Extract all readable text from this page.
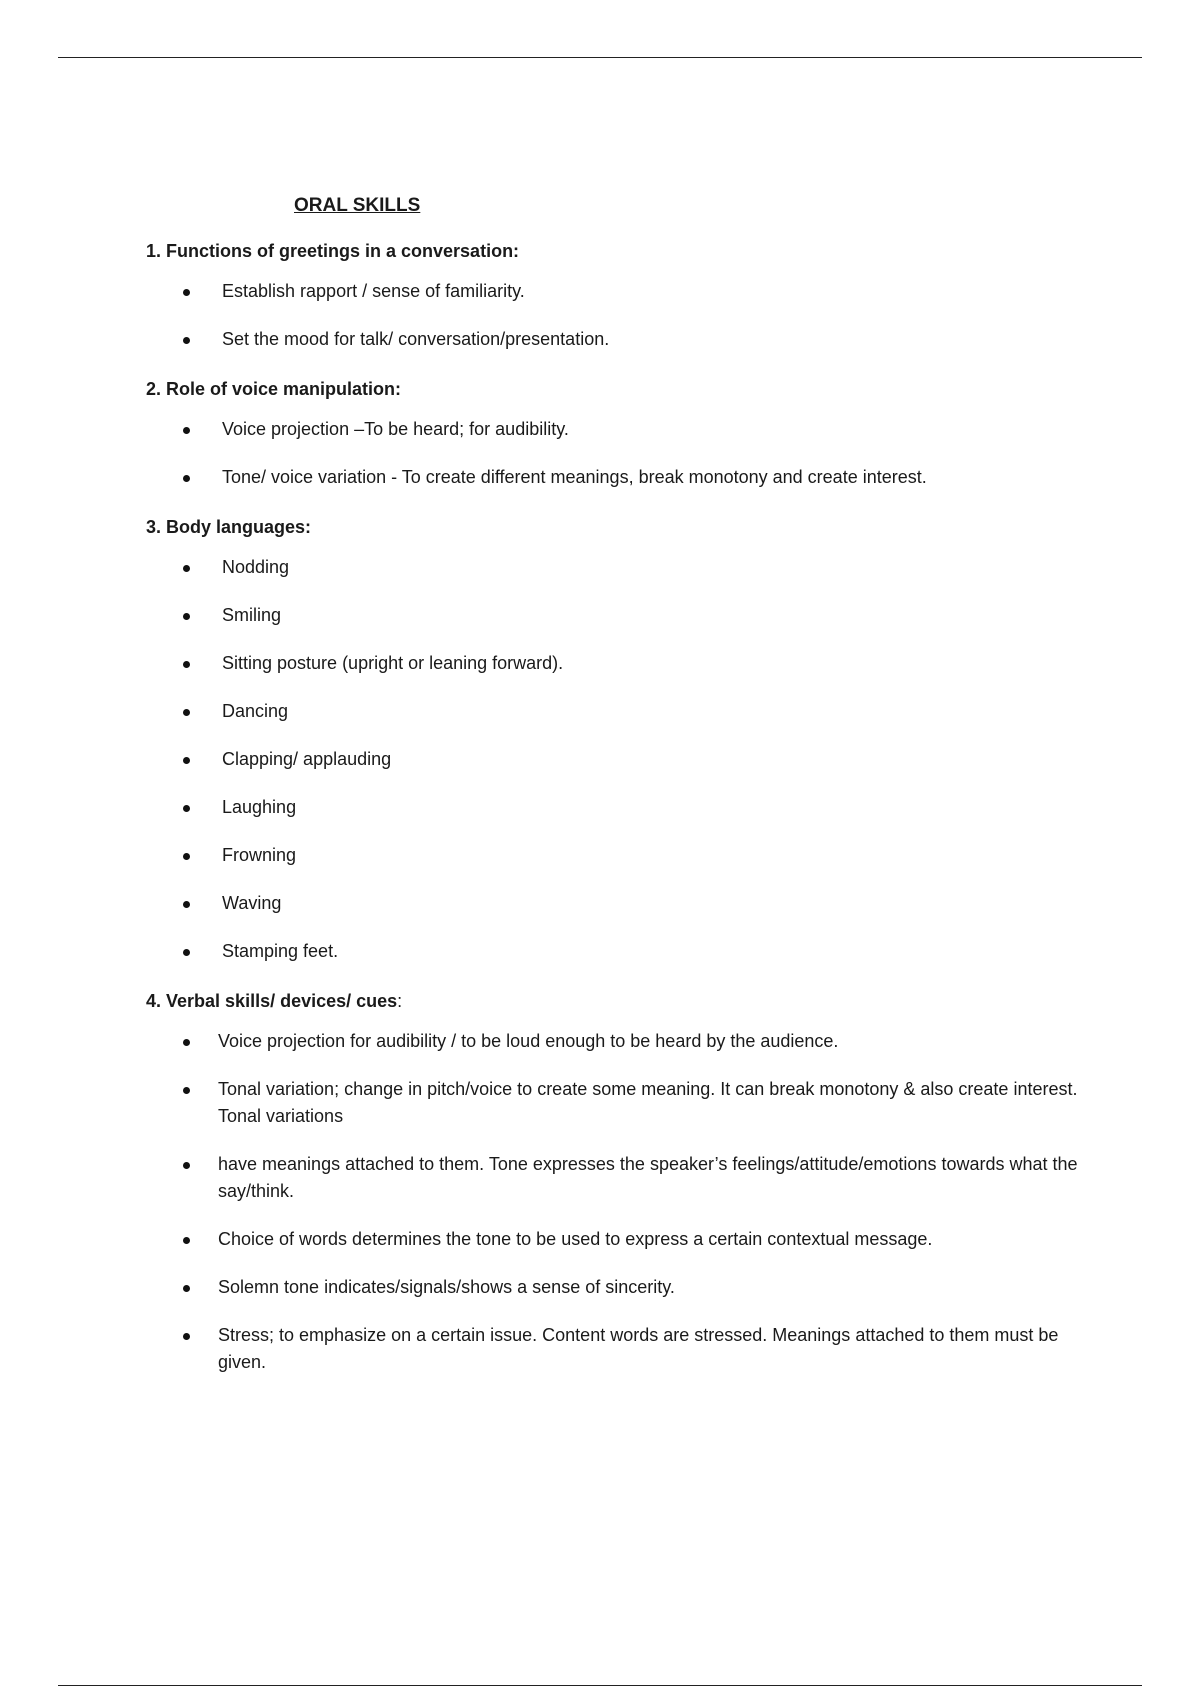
ORAL SKILLS
1. Functions of greetings in a conversation:
Establish rapport / sense of familiarity.
Set the mood for talk/ conversation/presentation.
2. Role of voice manipulation:
Voice projection –To be heard; for audibility.
Tone/ voice variation - To create different meanings, break monotony and create interest.
3. Body languages:
Nodding
Smiling
Sitting posture (upright or leaning forward).
Dancing
Clapping/ applauding
Laughing
Frowning
Waving
Stamping feet.
4. Verbal skills/ devices/ cues:
Voice projection for audibility / to be loud enough to be heard by the audience.
Tonal variation; change in pitch/voice to create some meaning. It can break monotony & also create interest. Tonal variations
have meanings attached to them. Tone expresses the speaker’s feelings/attitude/emotions towards what the say/think.
Choice of words determines the tone to be used to express a certain contextual message.
Solemn tone indicates/signals/shows a sense of sincerity.
Stress; to emphasize on a certain issue. Content words are stressed. Meanings attached to them must be given.
